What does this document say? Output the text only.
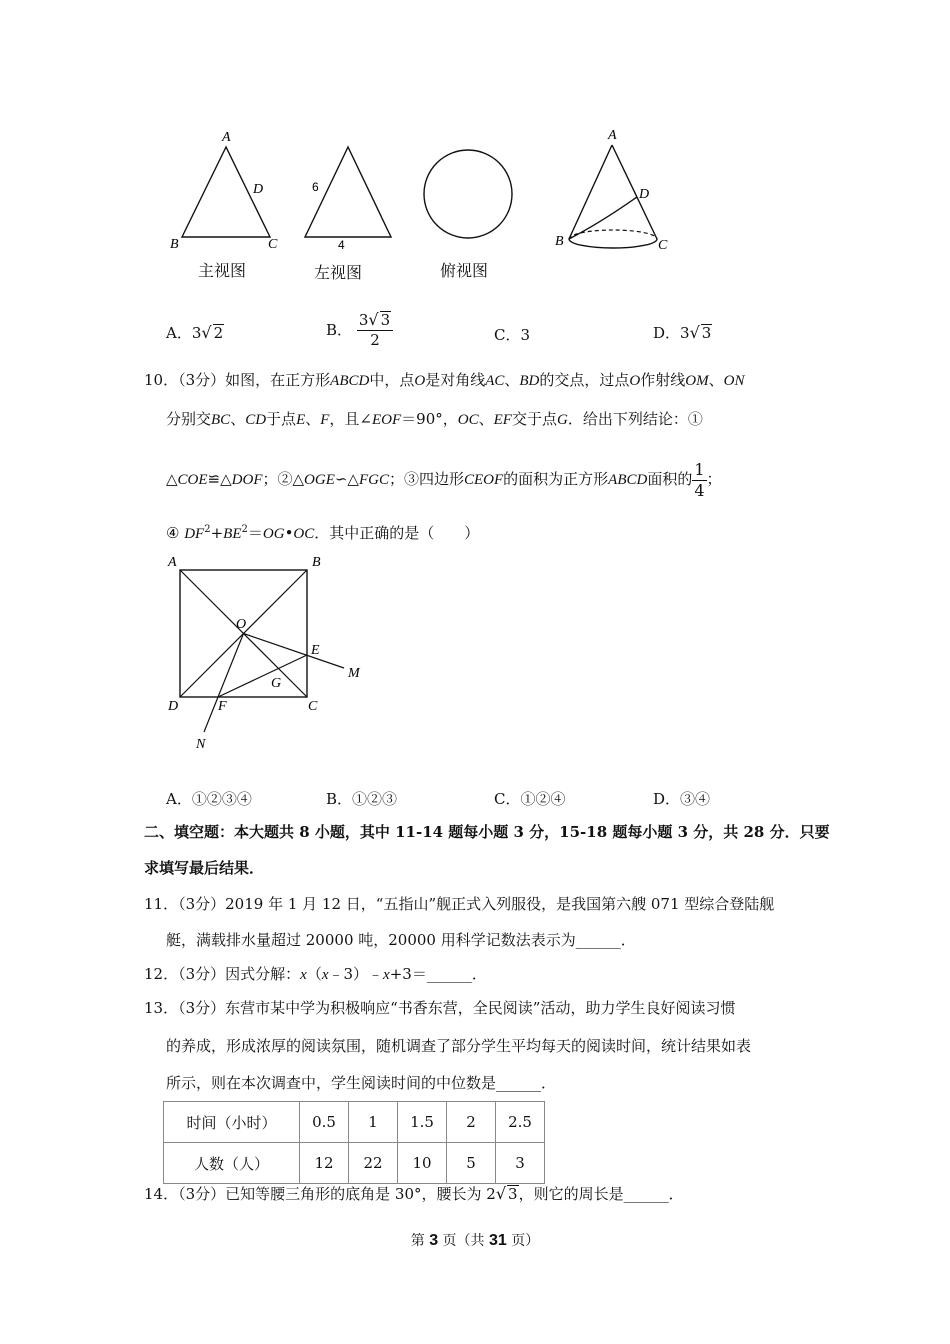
A
B	C
D	6
4
A
B	C
D
主视图	左视图	俯视图
A．3√ 2	B． $\frac{3√ 3}{2}$	C．3	D．3√ 3
10．（3分）如图，在正方形ABCD中，点O是对角线AC、BD的交点，过点O作射线OM、ON
分别交BC、CD于点E、F，且∠EOF＝90°，OC、EF交于点G．给出下列结论：①
△COE≌△DOF；②△OGE∽△FGC；③四边形CEOF的面积为正方形ABCD面积的 $\frac{1}{4}$ ；
④ $DF^2+BE^2=OG•OC$．其中正确的是（　　）
A	B
C
D
O
E
F
G
M
N
A．①②③④	B．①②③	C．①②④	D．③④
二、填空题：本大题共 8 小题，其中 11-14 题每小题 3 分，15-18 题每小题 3 分，共 28 分．只要
求填写最后结果．
11．（3分）2019 年 1 月 12 日，“五指山”舰正式入列服役，是我国第六艘 071 型综合登陆舰
艇，满载排水量超过 20000 吨，20000 用科学记数法表示为______．
12．（3分）因式分解：x（x﹣3）﹣x+3＝______．
13．（3分）东营市某中学为积极响应“书香东营，全民阅读”活动，助力学生良好阅读习惯
的养成，形成浓厚的阅读氛围，随机调查了部分学生平均每天的阅读时间，统计结果如表
所示，则在本次调查中，学生阅读时间的中位数是______．
时间（小时）	0.5	1	1.5	2	2.5
人数（人）	12	22	10	5	3
14．（3分）已知等腰三角形的底角是 30°，腰长为 2√ 3，则它的周长是______．
第 3 页（共 31 页）
